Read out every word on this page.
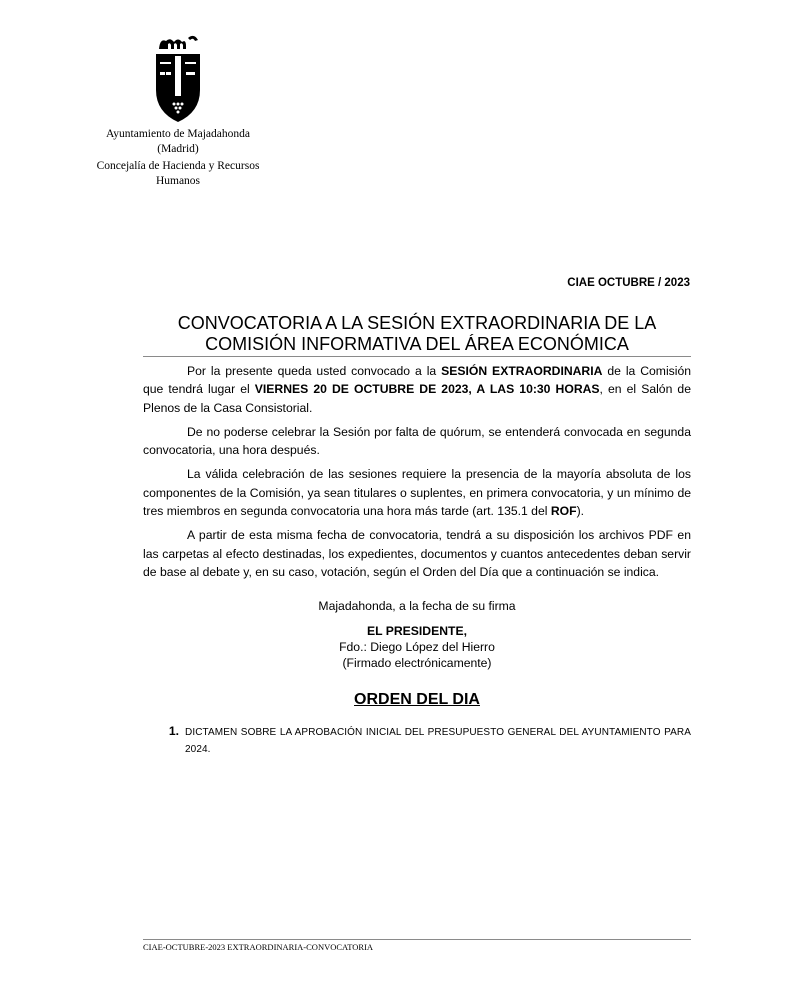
Ayuntamiento de Majadahonda
(Madrid)
Concejalía de Hacienda y Recursos
Humanos
CIAE OCTUBRE / 2023
CONVOCATORIA A LA SESIÓN EXTRAORDINARIA DE LA
COMISIÓN INFORMATIVA DEL ÁREA ECONÓMICA

Por la presente queda usted convocado a la SESIÓN EXTRAORDINARIA de la Comisión que tendrá lugar el VIERNES 20 DE OCTUBRE DE 2023, A LAS 10:30 HORAS, en el Salón de Plenos de la Casa Consistorial.

De no poderse celebrar la Sesión por falta de quórum, se entenderá convocada en segunda convocatoria, una hora después.

La válida celebración de las sesiones requiere la presencia de la mayoría absoluta de los componentes de la Comisión, ya sean titulares o suplentes, en primera convocatoria, y un mínimo de tres miembros en segunda convocatoria una hora más tarde (art. 135.1 del ROF).

A partir de esta misma fecha de convocatoria, tendrá a su disposición los archivos PDF en las carpetas al efecto destinadas, los expedientes, documentos y cuantos antecedentes deban servir de base al debate y, en su caso, votación, según el Orden del Día que a continuación se indica.

Majadahonda, a la fecha de su firma
EL PRESIDENTE,
Fdo.: Diego López del Hierro
(Firmado electrónicamente)
ORDEN DEL DIA
1. DICTAMEN SOBRE LA APROBACIÓN INICIAL DEL PRESUPUESTO GENERAL DEL AYUNTAMIENTO PARA 2024.
CIAE-OCTUBRE-2023 EXTRAORDINARIA-CONVOCATORIA
